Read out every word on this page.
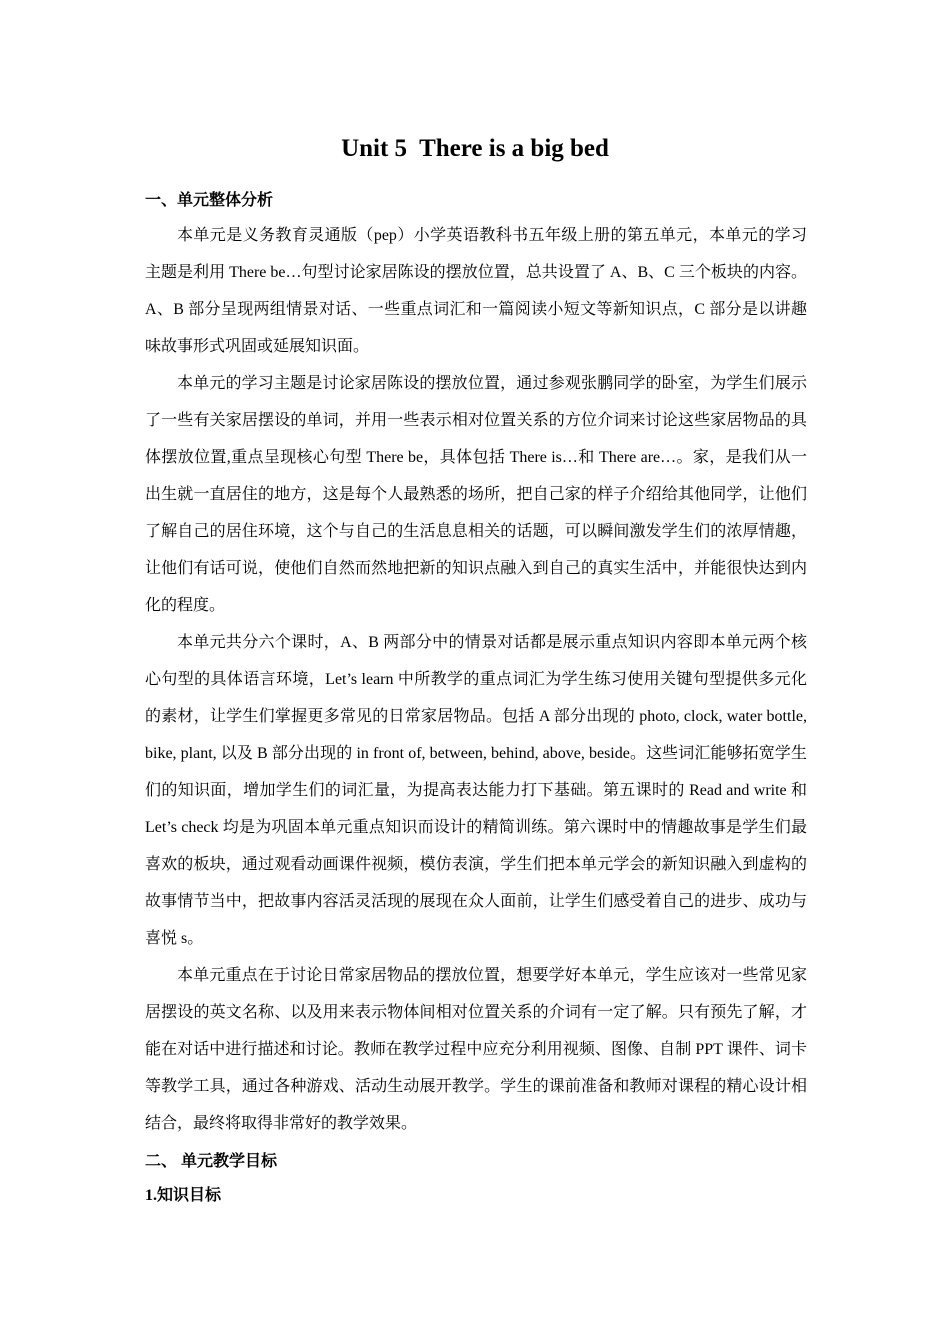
Unit 5  There is a big bed

一、单元整体分析

本单元是义务教育灵通版（pep）小学英语教科书五年级上册的第五单元，本单元的学习主题是利用 There be…句型讨论家居陈设的摆放位置，总共设置了 A、B、C 三个板块的内容。A、B 部分呈现两组情景对话、一些重点词汇和一篇阅读小短文等新知识点，C 部分是以讲趣味故事形式巩固或延展知识面。

本单元的学习主题是讨论家居陈设的摆放位置，通过参观张鹏同学的卧室，为学生们展示了一些有关家居摆设的单词，并用一些表示相对位置关系的方位介词来讨论这些家居物品的具体摆放位置,重点呈现核心句型 There be，具体包括 There is…和 There are…。家，是我们从一出生就一直居住的地方，这是每个人最熟悉的场所，把自己家的样子介绍给其他同学，让他们了解自己的居住环境，这个与自己的生活息息相关的话题，可以瞬间激发学生们的浓厚情趣，让他们有话可说，使他们自然而然地把新的知识点融入到自己的真实生活中，并能很快达到内化的程度。

本单元共分六个课时，A、B 两部分中的情景对话都是展示重点知识内容即本单元两个核心句型的具体语言环境，Let’s learn 中所教学的重点词汇为学生练习使用关键句型提供多元化的素材，让学生们掌握更多常见的日常家居物品。包括 A 部分出现的 photo, clock, water bottle, bike, plant, 以及 B 部分出现的 in front of, between, behind, above, beside。这些词汇能够拓宽学生们的知识面，增加学生们的词汇量，为提高表达能力打下基础。第五课时的 Read and write 和 Let’s check 均是为巩固本单元重点知识而设计的精简训练。第六课时中的情趣故事是学生们最喜欢的板块，通过观看动画课件视频，模仿表演，学生们把本单元学会的新知识融入到虚构的故事情节当中，把故事内容活灵活现的展现在众人面前，让学生们感受着自己的进步、成功与喜悦 s。

本单元重点在于讨论日常家居物品的摆放位置，想要学好本单元，学生应该对一些常见家居摆设的英文名称、以及用来表示物体间相对位置关系的介词有一定了解。只有预先了解，才能在对话中进行描述和讨论。教师在教学过程中应充分利用视频、图像、自制 PPT 课件、词卡等教学工具，通过各种游戏、活动生动展开教学。学生的课前准备和教师对课程的精心设计相结合，最终将取得非常好的教学效果。

二、 单元教学目标

1.知识目标
